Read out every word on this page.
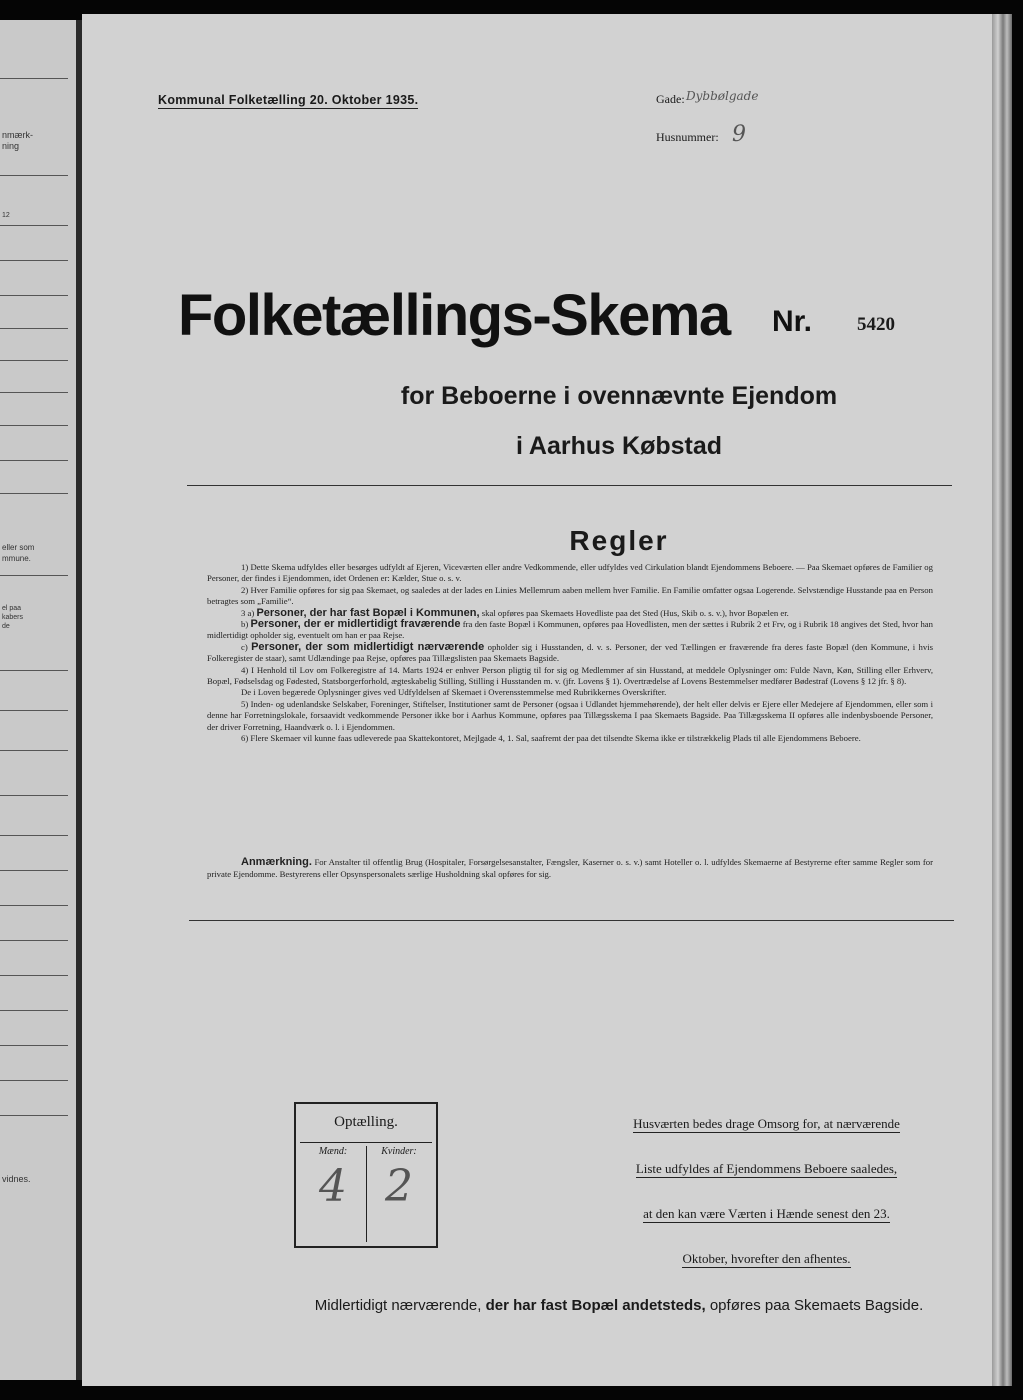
nmærk-
ning
12
eller som
mmune.
el paa
kabers
de
vidnes.
Kommunal Folketælling 20. Oktober 1935.	Gade: Dybbølgade
Husnummer: 9
Folketællings-Skema Nr. 5420
for Beboerne i ovennævnte Ejendom
i Aarhus Købstad
Regler

1) Dette Skema udfyldes eller besørges udfyldt af Ejeren, Viceværten eller andre Vedkommende, eller udfyldes ved Cirkulation blandt Ejendommens Beboere. — Paa Skemaet opføres de Familier og Personer, der findes i Ejendommen, idet Ordenen er: Kælder, Stue o. s. v.

2) Hver Familie opføres for sig paa Skemaet, og saaledes at der lades en Linies Mellemrum aaben mellem hver Familie. En Familie omfatter ogsaa Logerende. Selvstændige Husstande paa en Person betragtes som „Familie“.

3 a) Personer, der har fast Bopæl i Kommunen, skal opføres paa Skemaets Hovedliste paa det Sted (Hus, Skib o. s. v.), hvor Bopælen er.

b) Personer, der er midlertidigt fraværende fra den faste Bopæl i Kommunen, opføres paa Hovedlisten, men der sættes i Rubrik 2 et Frv, og i Rubrik 18 angives det Sted, hvor han midlertidigt opholder sig, eventuelt om han er paa Rejse.

c) Personer, der som midlertidigt nærværende opholder sig i Husstanden, d. v. s. Personer, der ved Tællingen er fraværende fra deres faste Bopæl (den Kommune, i hvis Folkeregister de staar), samt Udlændinge paa Rejse, opføres paa Tillægslisten paa Skemaets Bagside.

4) I Henhold til Lov om Folkeregistre af 14. Marts 1924 er enhver Person pligtig til for sig og Medlemmer af sin Husstand, at meddele Oplysninger om: Fulde Navn, Køn, Stilling eller Erhverv, Bopæl, Fødselsdag og Fødested, Statsborgerforhold, ægteskabelig Stilling, Stilling i Husstanden m. v. (jfr. Lovens § 1). Overtrædelse af Lovens Bestemmelser medfører Bødestraf (Lovens § 12 jfr. § 8).

De i Loven begærede Oplysninger gives ved Udfyldelsen af Skemaet i Overensstemmelse med Rubrikkernes Overskrifter.

5) Inden- og udenlandske Selskaber, Foreninger, Stiftelser, Institutioner samt de Personer (ogsaa i Udlandet hjemmehørende), der helt eller delvis er Ejere eller Medejere af Ejendommen, eller som i denne har Forretningslokale, forsaavidt vedkommende Personer ikke bor i Aarhus Kommune, opføres paa Tillægsskema I paa Skemaets Bagside. Paa Tillægsskema II opføres alle indenbysboende Personer, der driver Forretning, Haandværk o. l. i Ejendommen.

6) Flere Skemaer vil kunne faas udleverede paa Skattekontoret, Mejlgade 4, 1. Sal, saafremt der paa det tilsendte Skema ikke er tilstrækkelig Plads til alle Ejendommens Beboere.

Anmærkning. For Anstalter til offentlig Brug (Hospitaler, Forsørgelsesanstalter, Fængsler, Kaserner o. s. v.) samt Hoteller o. l. udfyldes Skemaerne af Bestyrerne efter samme Regler som for private Ejendomme. Bestyrerens eller Opsynspersonalets særlige Husholdning skal opføres for sig.

Optælling.
Mænd:
4
Kvinder:
2
Husværten bedes drage Omsorg for, at nærværende
Liste udfyldes af Ejendommens Beboere saaledes,
at den kan være Værten i Hænde senest den 23.
Oktober, hvorefter den afhentes.
Midlertidigt nærværende, der har fast Bopæl andetsteds, opføres paa Skemaets Bagside.
